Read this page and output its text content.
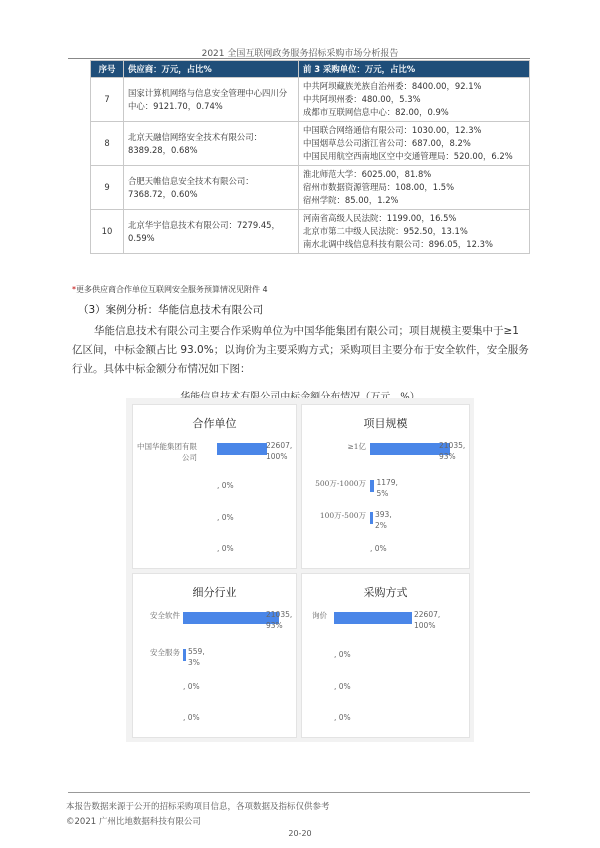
2021 全国互联网政务服务招标采购市场分析报告
序号	供应商：万元，占比%	前 3 采购单位：万元，占比%
7	国家计算机网络与信息安全管理中心四川分中心：9121.70，0.74%	中共阿坝藏族羌族自治州委：8400.00，92.1%
中共阿坝州委：480.00，5.3%
成都市互联网信息中心：82.00，0.9%

8	北京天融信网络安全技术有限公司：8389.28，0.68%	中国联合网络通信有限公司：1030.00，12.3%
中国烟草总公司浙江省公司：687.00，8.2%
中国民用航空西南地区空中交通管理局：520.00，6.2%

9	合肥天帷信息安全技术有限公司：7368.72，0.60%	淮北师范大学：6025.00，81.8%
宿州市数据资源管理局：108.00，1.5%
宿州学院：85.00，1.2%

10	北京华宇信息技术有限公司：7279.45，0.59%	河南省高级人民法院：1199.00，16.5%
北京市第二中级人民法院：952.50，13.1%
南水北调中线信息科技有限公司：896.05，12.3%
*更多供应商合作单位互联网安全服务预算情况见附件 4
（3）案例分析：华能信息技术有限公司
华能信息技术有限公司主要合作采购单位为中国华能集团有限公司；项目规模主要集中于≥1 亿区间，中标金额占比 93.0%；以询价为主要采购方式；采购项目主要分布于安全软件，安全服务行业。具体中标金额分布情况如下图：
合作单位
中国华能集团有限公司
22607,
100%
, 0%
, 0%
, 0%
项目规模
≥1亿	21035,
93%
500万-1000万 1179,
5%
100万-500万 393,
2%
, 0%
细分行业
安全软件	21035,
93%
安全服务 559,
3%
, 0%
, 0%
采购方式
询价	22607,
100%
, 0%
, 0%
, 0%
本报告数据来源于公开的招标采购项目信息，各项数据及指标仅供参考
©2021 广州比地数据科技有限公司
20-20
